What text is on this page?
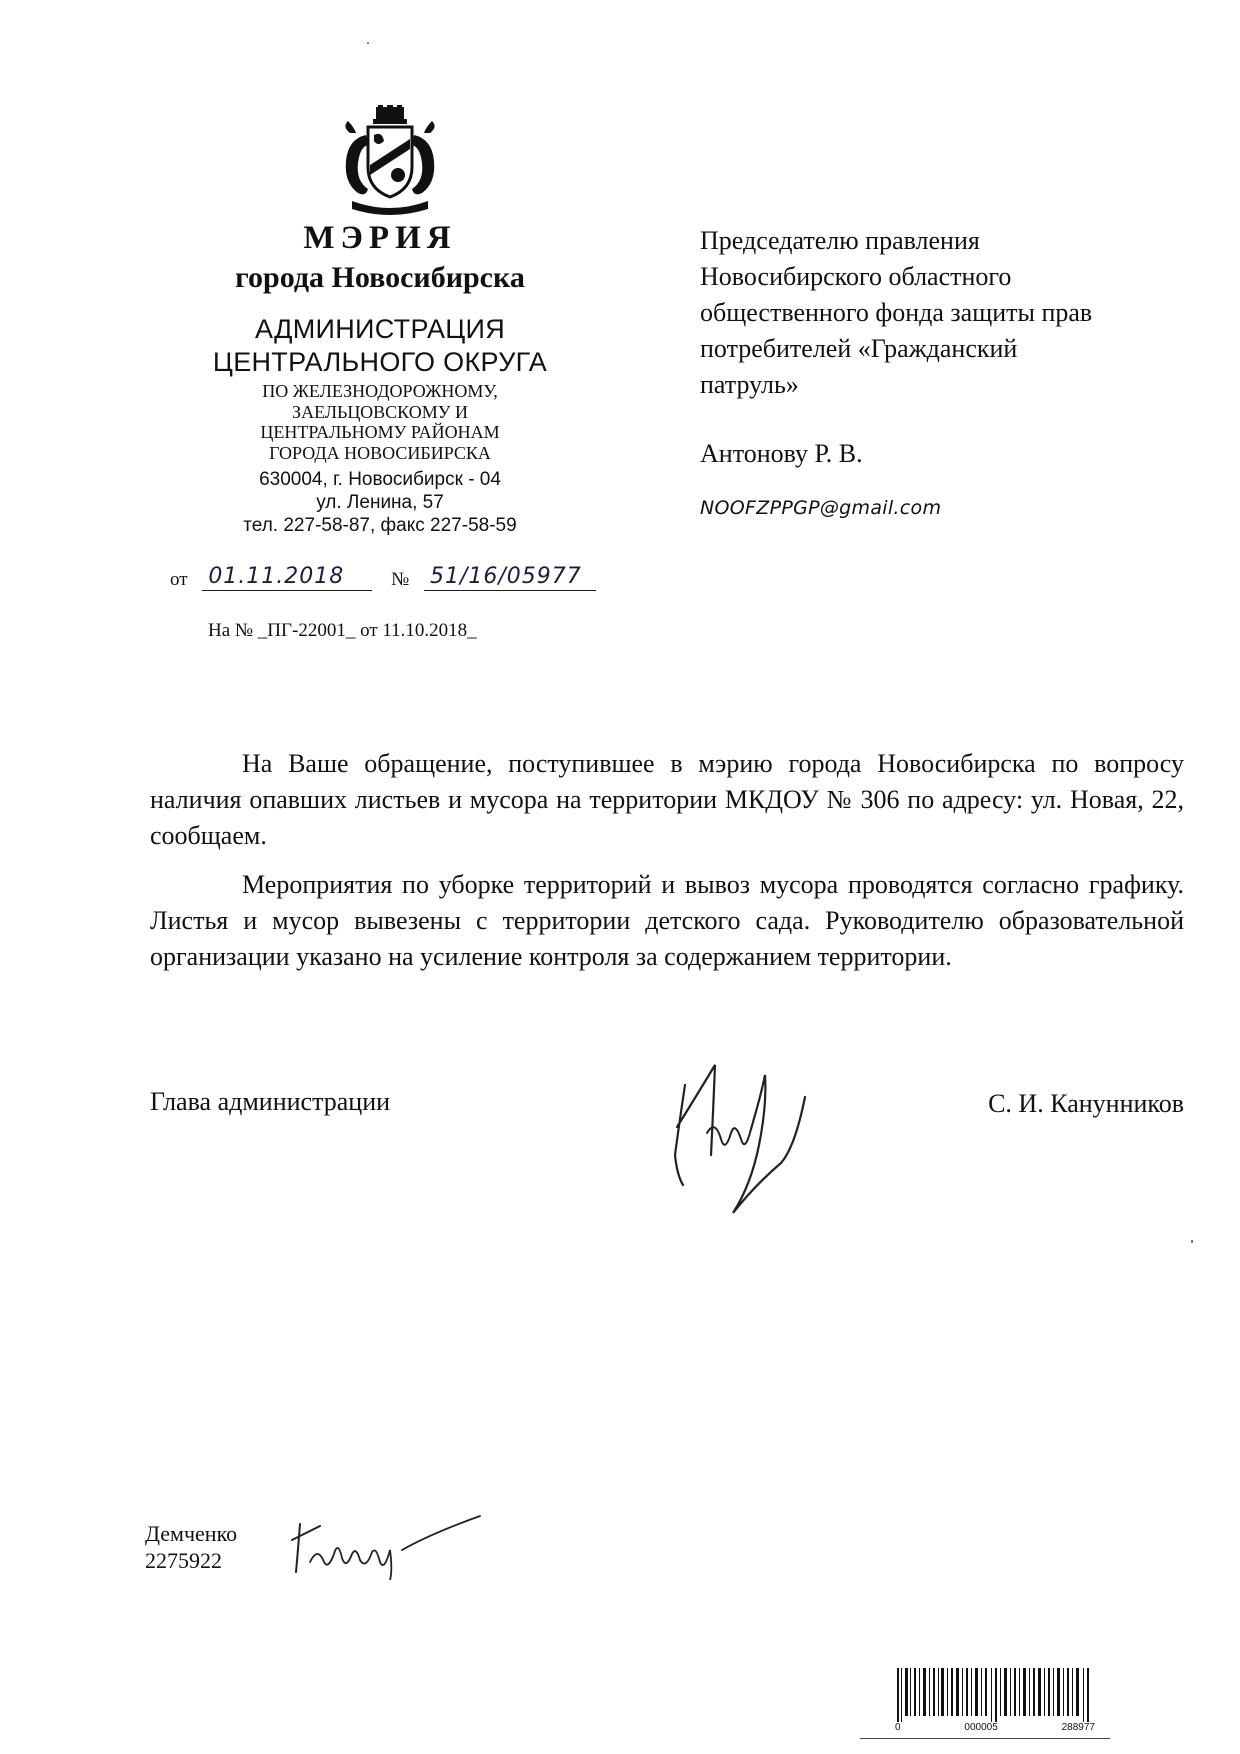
МЭРИЯ
города Новосибирска
АДМИНИСТРАЦИЯ
ЦЕНТРАЛЬНОГО ОКРУГА
ПО ЖЕЛЕЗНОДОРОЖНОМУ,
ЗАЕЛЬЦОВСКОМУ И
ЦЕНТРАЛЬНОМУ РАЙОНАМ
ГОРОДА НОВОСИБИРСКА
630004, г. Новосибирск - 04
ул. Ленина, 57
тел. 227-58-87, факс 227-58-59
от 01.11.2018 № 51/16/05977
На № _ПГ-22001_ от 11.10.2018_
Председателю правления
Новосибирского областного
общественного фонда защиты прав
потребителей «Гражданский
патруль»
Антонову Р. В.
NOOFZPPGP@gmail.com

На Ваше обращение, поступившее в мэрию города Новосибирска по вопросу наличия опавших листьев и мусора на территории МКДОУ № 306 по адресу: ул. Новая, 22, сообщаем.

Мероприятия по уборке территорий и вывоз мусора проводятся согласно графику. Листья и мусор вывезены с территории детского сада. Руководителю образовательной организации указано на усиление контроля за содержанием территории.

Глава администрации	С. И. Канунников
Демченко
2275922
0	000005	288977
